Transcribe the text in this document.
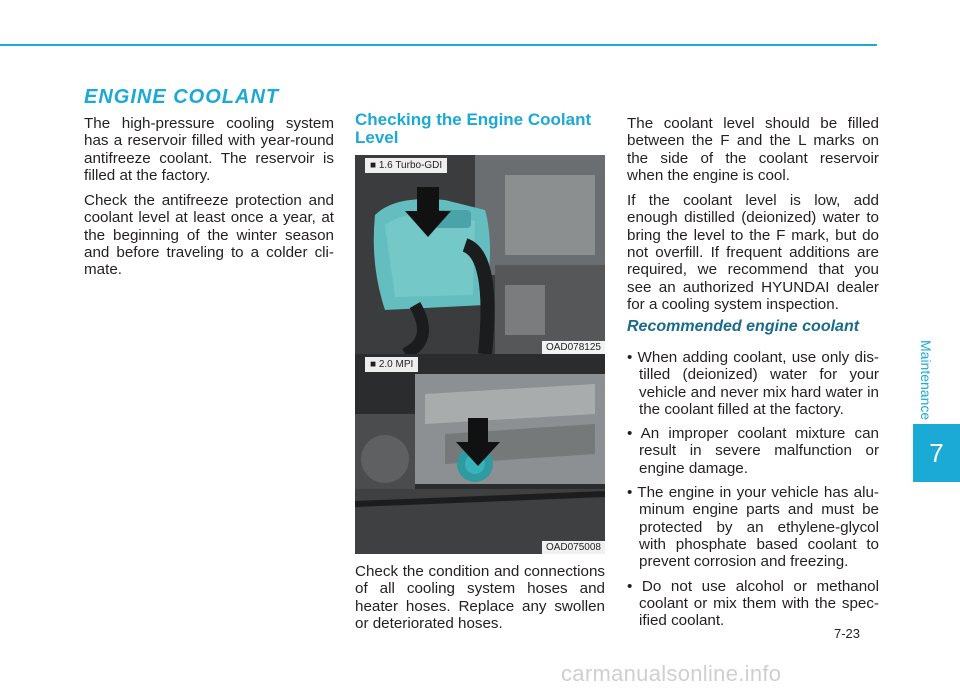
Maintenance
7
ENGINE COOLANT

The high-pressure cooling system has a reservoir filled with year-round antifreeze coolant. The reservoir is filled at the factory.

Check the antifreeze protection and coolant level at least once a year, at the beginning of the winter season and before traveling to a colder cli-mate.

Checking the Engine Coolant Level
■ 1.6 Turbo-GDI
OAD078125
■ 2.0 MPI
OAD075008

Check the condition and connections of all cooling system hoses and heater hoses. Replace any swollen or deteriorated hoses.

The coolant level should be filled between the F and the L marks on the side of the coolant reservoir when the engine is cool.

If the coolant level is low, add enough distilled (deionized) water to bring the level to the F mark, but do not overfill. If frequent additions are required, we recommend that you see an authorized HYUNDAI dealer for a cooling system inspection.

Recommended engine coolant
• When adding coolant, use only dis-tilled (deionized) water for your vehicle and never mix hard water in the coolant filled at the factory.
• An improper coolant mixture can result in severe malfunction or engine damage.
• The engine in your vehicle has alu-minum engine parts and must be protected by an ethylene-glycol with phosphate based coolant to prevent corrosion and freezing.
• Do not use alcohol or methanol coolant or mix them with the spec-ified coolant.
7-23
carmanualsonline.info
